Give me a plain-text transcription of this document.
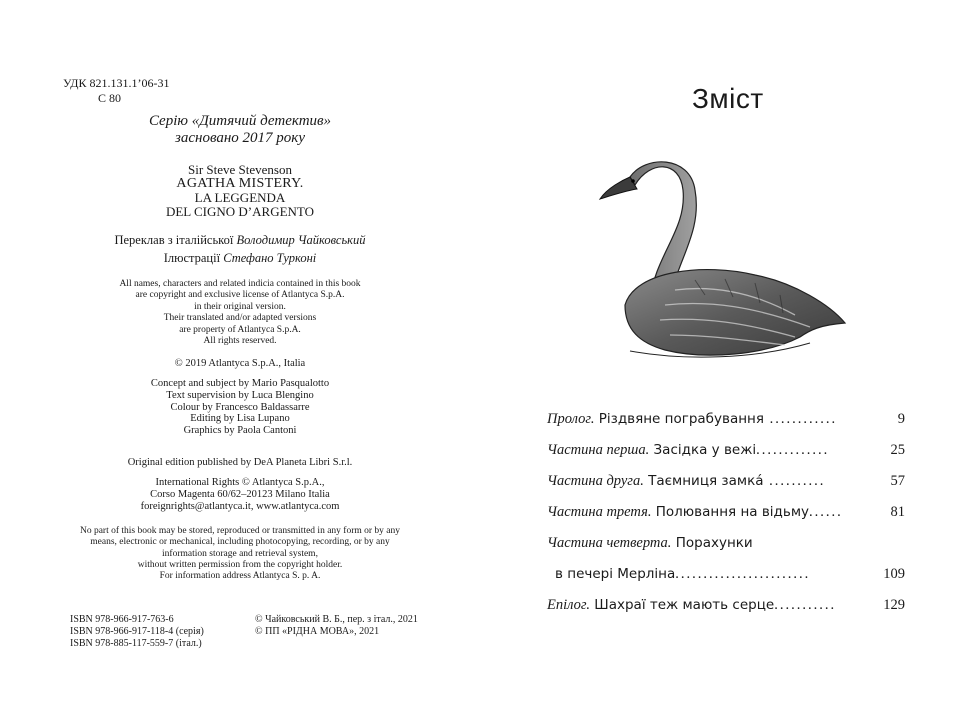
УДК 821.131.1’06-31
С 80
Серію «Дитячий детектив»
засновано 2017 року
Sir Steve Stevenson
AGATHA MISTERY.
LA LEGGENDA
DEL CIGNO D’ARGENTO
Переклав з італійської Володимир Чайковський
Ілюстрації Стефано Турконі
All names, characters and related indicia contained in this book
are copyright and exclusive license of Atlantyca S.p.A.
in their original version.
Their translated and/or adapted versions
are property of Atlantyca S.p.A.
All rights reserved.
© 2019 Atlantyca S.p.A., Italia
Concept and subject by Mario Pasqualotto
Text supervision by Luca Blengino
Colour by Francesco Baldassarre
Editing by Lisa Lupano
Graphics by Paola Cantoni
Original edition published by DeA Planeta Libri S.r.l.
International Rights © Atlantyca S.p.A.,
Corso Magenta 60/62–20123 Milano Italia
foreignrights@atlantyca.it, www.atlantyca.com
No part of this book may be stored, reproduced or transmitted in any form or by any
means, electronic or mechanical, including photocopying, recording, or by any
information storage and retrieval system,
without written permission from the copyright holder.
For information address Atlantyca S. p. A.
ISBN 978-966-917-763-6
ISBN 978-966-917-118-4 (серія)
ISBN 978-885-117-559-7 (італ.)
© Чайковський В. Б., пер. з італ., 2021
© ПП «РІДНА МОВА», 2021
Зміст
Пролог. Різдвяне пограбування ............	9
Частина перша. Засідка у вежі.............	25
Частина друга. Таємниця замка́ ..........	57
Частина третя. Полювання на відьму......	81
Частина четверта. Порахунки
в печері Мерліна........................	109
Епілог. Шахраї теж мають серце...........	129
